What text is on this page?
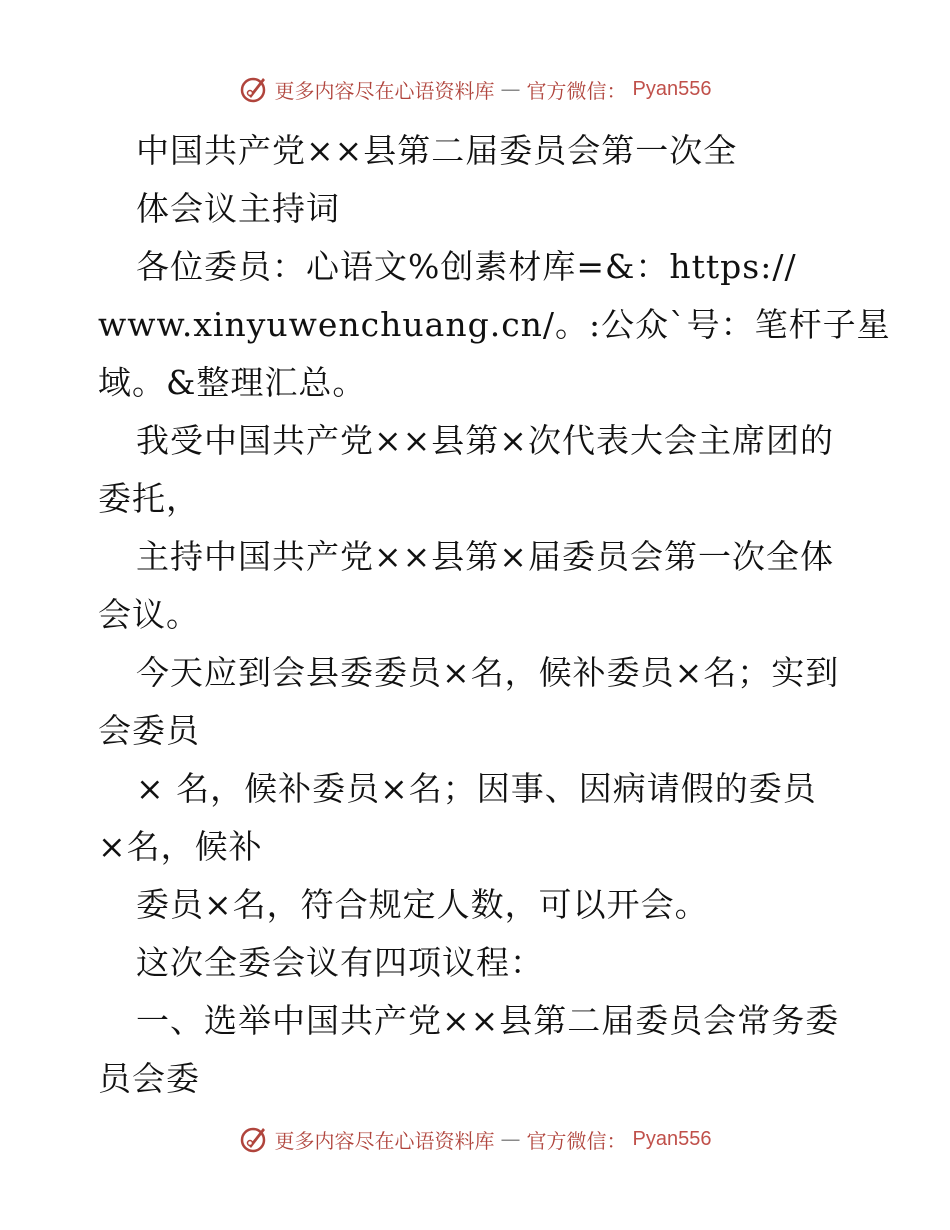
更多内容尽在心语资料库 — 官方微信： Pyan556
中国共产党××县第二届委员会第一次全
体会议主持词
各位委员：心语文%创素材库=&：https://
www.xinyuwenchuang.cn/。:公众`号：笔杆子星
域。&整理汇总。
我受中国共产党××县第×次代表大会主席团的
委托，
主持中国共产党××县第×届委员会第一次全体
会议。
今天应到会县委委员×名，候补委员×名；实到
会委员
× 名，候补委员×名；因事、因病请假的委员
×名，候补
委员×名，符合规定人数，可以开会。
这次全委会议有四项议程：
一、选举中国共产党××县第二届委员会常务委
员会委
更多内容尽在心语资料库 — 官方微信： Pyan556
